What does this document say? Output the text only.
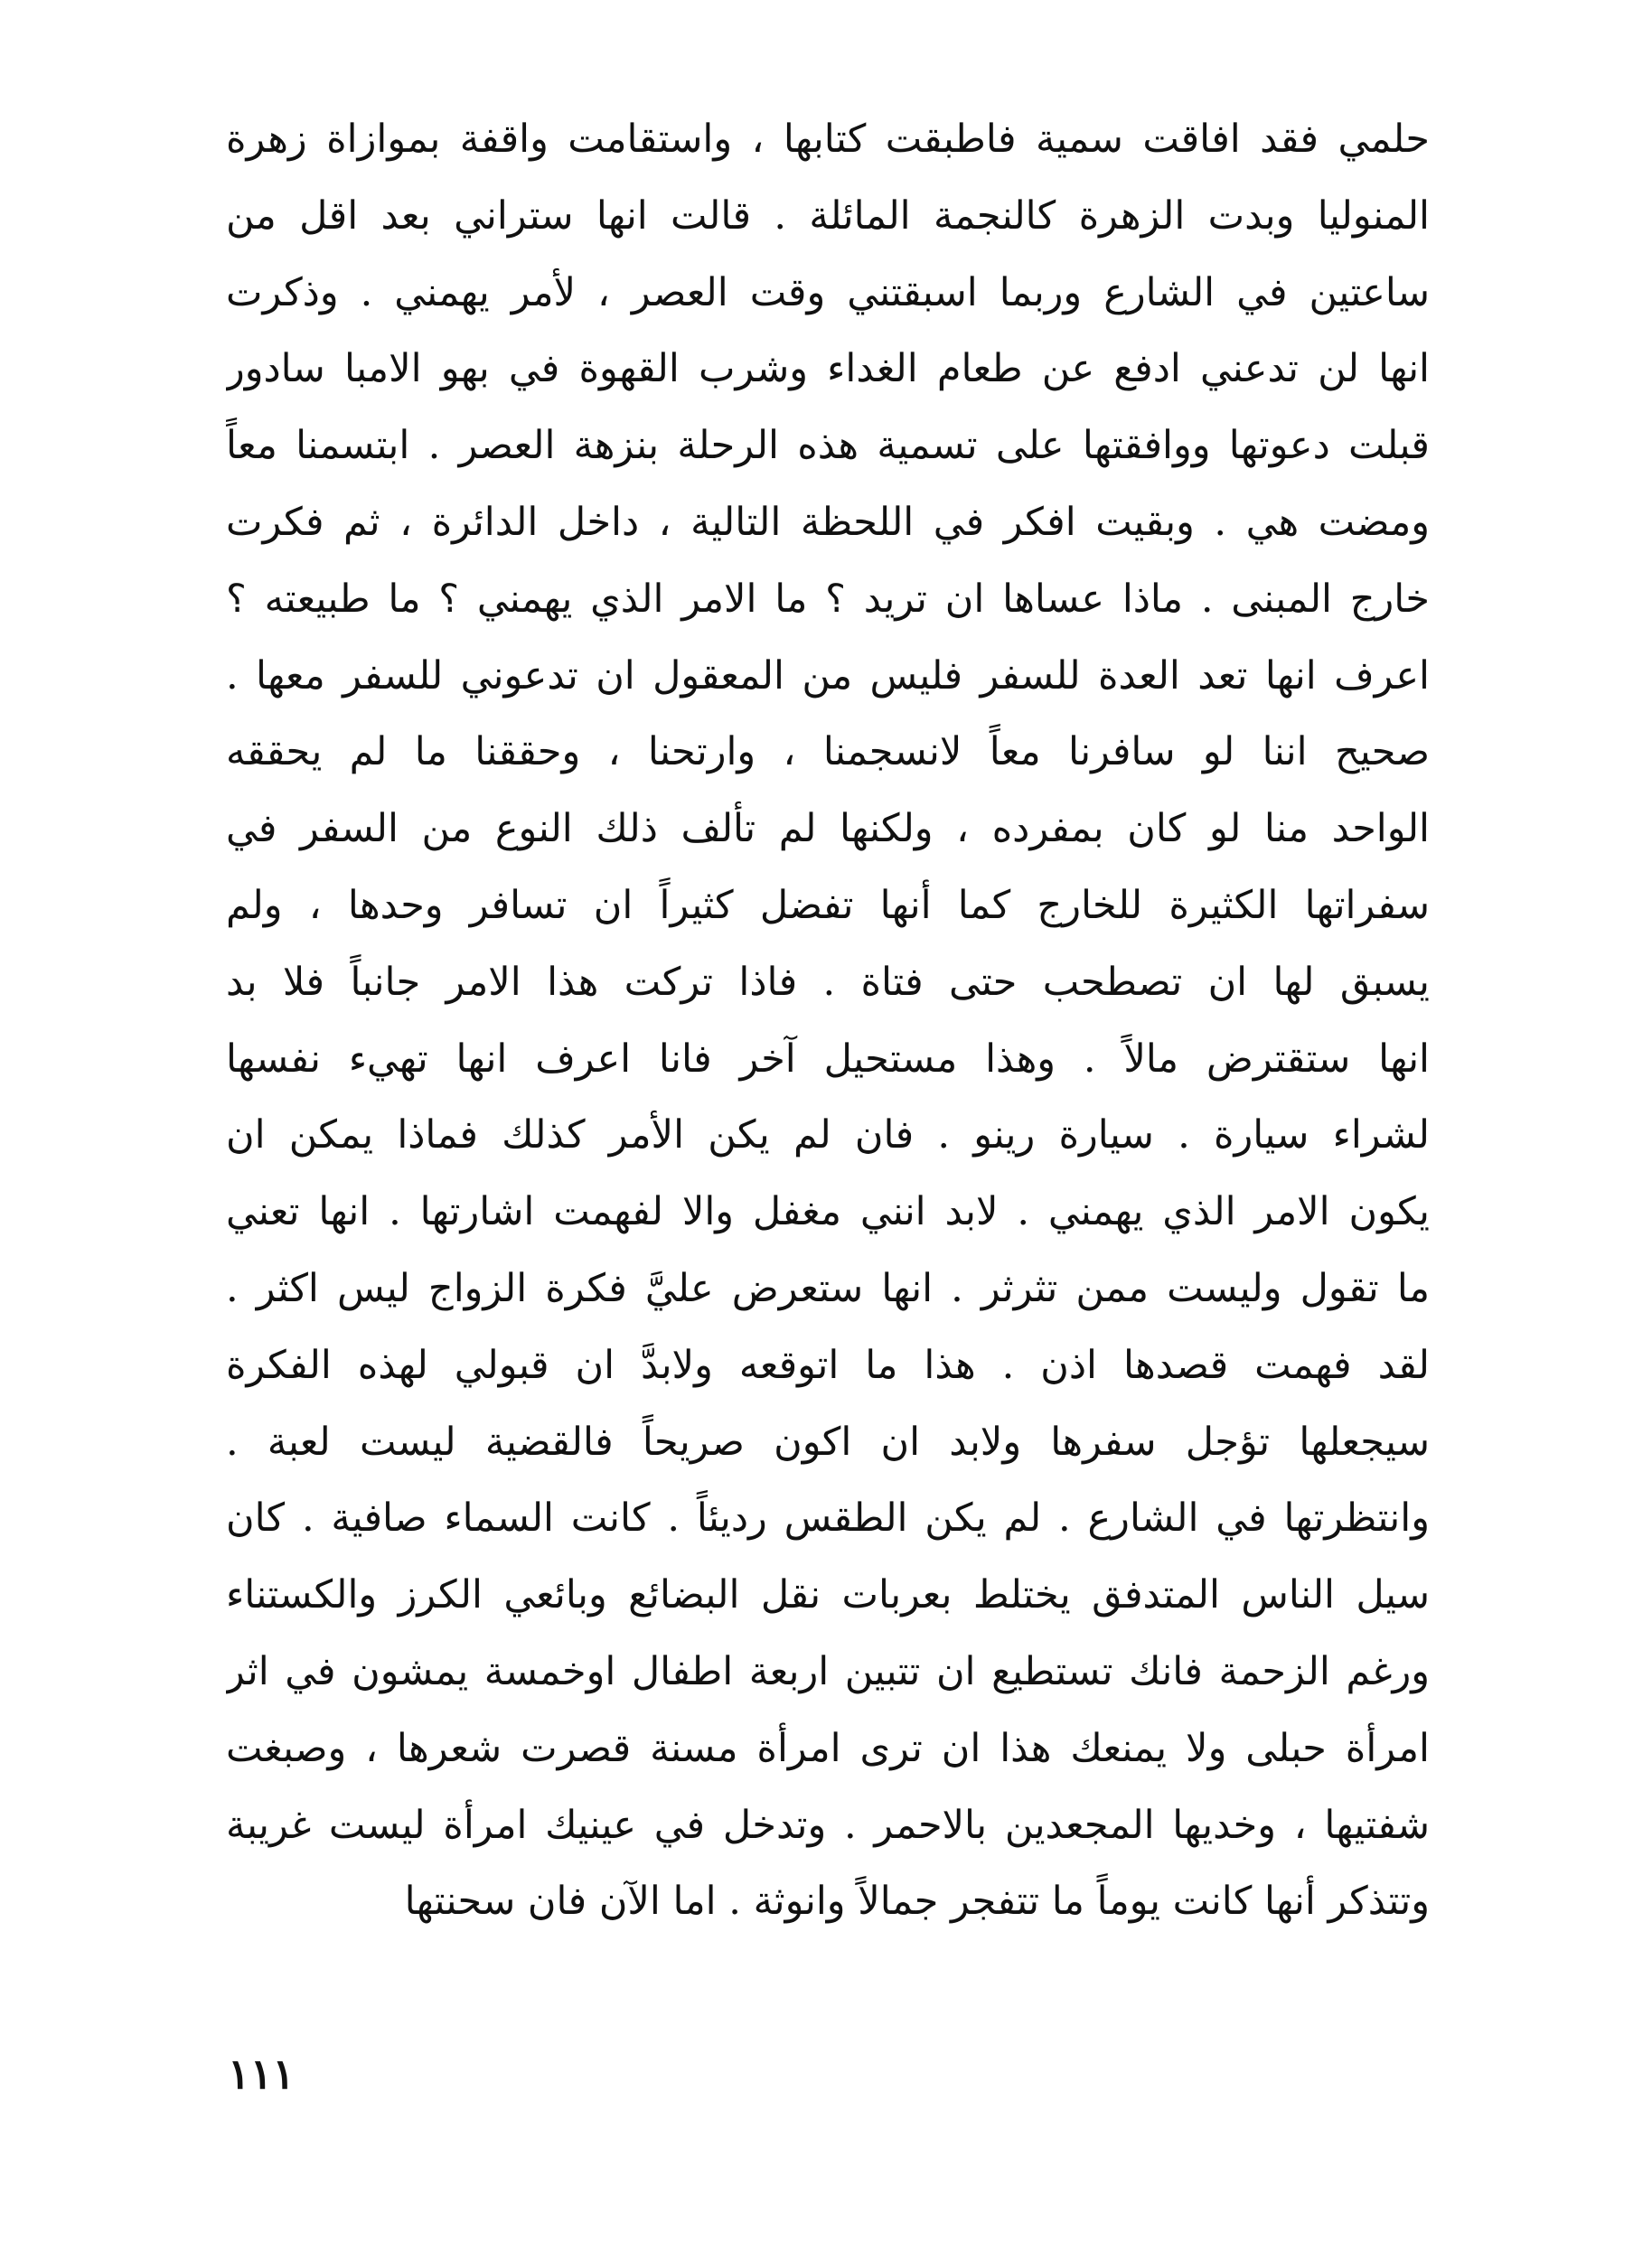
حلمي فقد افاقت سمية فاطبقت كتابها ، واستقامت واقفة بموازاة زهرة
المنوليا وبدت الزهرة كالنجمة المائلة . قالت انها ستراني بعد اقل من
ساعتين في الشارع وربما اسبقتني وقت العصر ، لأمر يهمني . وذكرت
انها لن تدعني ادفع عن طعام الغداء وشرب القهوة في بهو الامبا سادور
قبلت دعوتها ووافقتها على تسمية هذه الرحلة بنزهة العصر . ابتسمنا معاً
ومضت هي . وبقيت افكر في اللحظة التالية ، داخل الدائرة ، ثم فكرت
خارج المبنى . ماذا عساها ان تريد ؟ ما الامر الذي يهمني ؟ ما طبيعته ؟
اعرف انها تعد العدة للسفر فليس من المعقول ان تدعوني للسفر معها .
صحيح اننا لو سافرنا معاً لانسجمنا ، وارتحنا ، وحققنا ما لم يحققه
الواحد منا لو كان بمفرده ، ولكنها لم تألف ذلك النوع من السفر في
سفراتها الكثيرة للخارج كما أنها تفضل كثيراً ان تسافر وحدها ، ولم
يسبق لها ان تصطحب حتى فتاة . فاذا تركت هذا الامر جانباً فلا بد
انها ستقترض مالاً . وهذا مستحيل آخر فانا اعرف انها تهيء نفسها
لشراء سيارة . سيارة رينو . فان لم يكن الأمر كذلك فماذا يمكن ان
يكون الامر الذي يهمني . لابد انني مغفل والا لفهمت اشارتها . انها تعني
ما تقول وليست ممن تثرثر . انها ستعرض عليَّ فكرة الزواج ليس اكثر .
لقد فهمت قصدها اذن . هذا ما اتوقعه ولابدَّ ان قبولي لهذه الفكرة
سيجعلها تؤجل سفرها ولابد ان اكون صريحاً فالقضية ليست لعبة .
وانتظرتها في الشارع . لم يكن الطقس رديئاً . كانت السماء صافية . كان
سيل الناس المتدفق يختلط بعربات نقل البضائع وبائعي الكرز والكستناء
ورغم الزحمة فانك تستطيع ان تتبين اربعة اطفال اوخمسة يمشون في اثر
امرأة حبلى ولا يمنعك هذا ان ترى امرأة مسنة قصرت شعرها ، وصبغت
شفتيها ، وخديها المجعدين بالاحمر . وتدخل في عينيك امرأة ليست غريبة
وتتذكر أنها كانت يوماً ما تتفجر جمالاً وانوثة . اما الآن فان سحنتها
١١١
